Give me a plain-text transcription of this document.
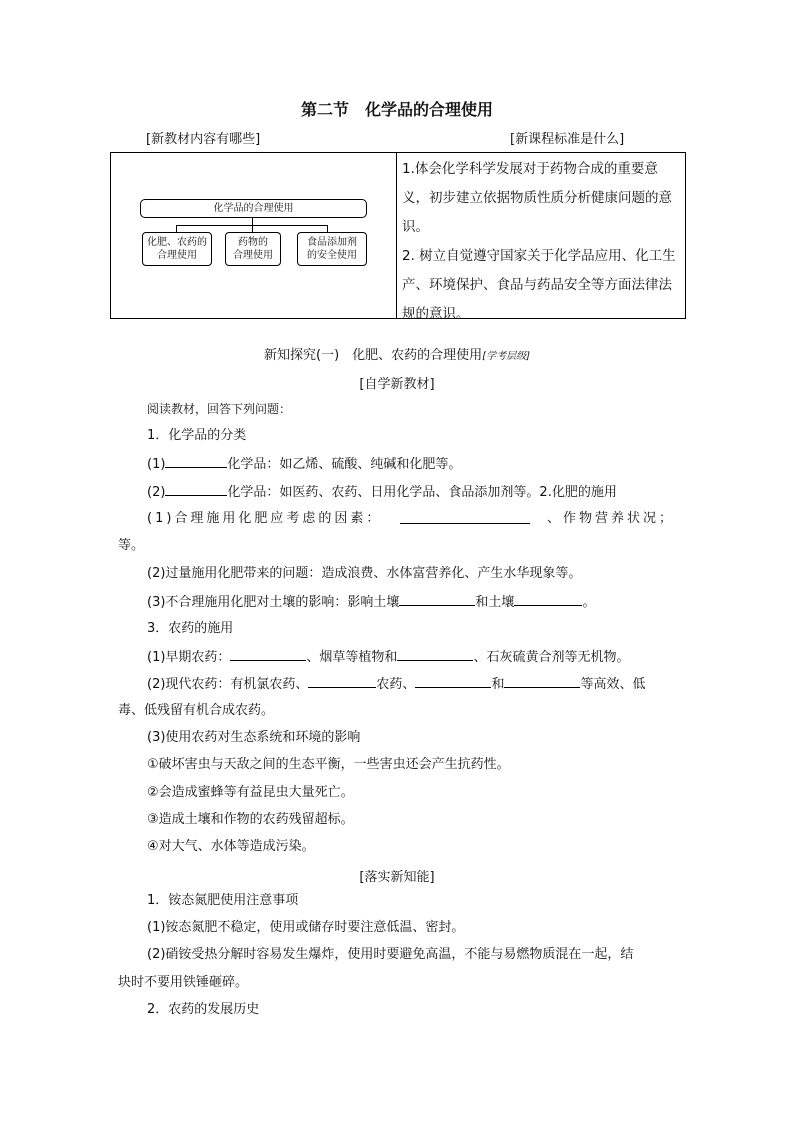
第二节　化学品的合理使用
[新教材内容有哪些]	[新课程标准是什么]
化学品的合理使用
化肥、农药的
合理使用
药物的
合理使用
食品添加剂
的安全使用
1.体会化学科学发展对于药物合成的重要意义，初步建立依据物质性质分析健康问题的意识。
2. 树立自觉遵守国家关于化学品应用、化工生产、环境保护、食品与药品安全等方面法律法规的意识。
新知探究(一)　化肥、农药的合理使用[学考层级]
[自学新教材]
阅读教材，回答下列问题：
1．化学品的分类
(1)	化学品：如乙烯、硫酸、纯碱和化肥等。
(2)	化学品：如医药、农药、日用化学品、食品添加剂等。2.化肥的施用
(1)合理施用化肥应考虑的因素：	、作物营养状况；
等。
(2)过量施用化肥带来的问题：造成浪费、水体富营养化、产生水华现象等。
(3)不合理施用化肥对土壤的影响：影响土壤	和土壤	。
3．农药的施用
(1)早期农药：	、烟草等植物和	、石灰硫黄合剂等无机物。
(2)现代农药：有机氯农药、	农药、	和	等高效、低
毒、低残留有机合成农药。
(3)使用农药对生态系统和环境的影响
①破坏害虫与天敌之间的生态平衡，一些害虫还会产生抗药性。
②会造成蜜蜂等有益昆虫大量死亡。
③造成土壤和作物的农药残留超标。
④对大气、水体等造成污染。
[落实新知能]
1．铵态氮肥使用注意事项
(1)铵态氮肥不稳定，使用或储存时要注意低温、密封。
(2)硝铵受热分解时容易发生爆炸，使用时要避免高温，不能与易燃物质混在一起，结
块时不要用铁锤砸碎。
2．农药的发展历史
